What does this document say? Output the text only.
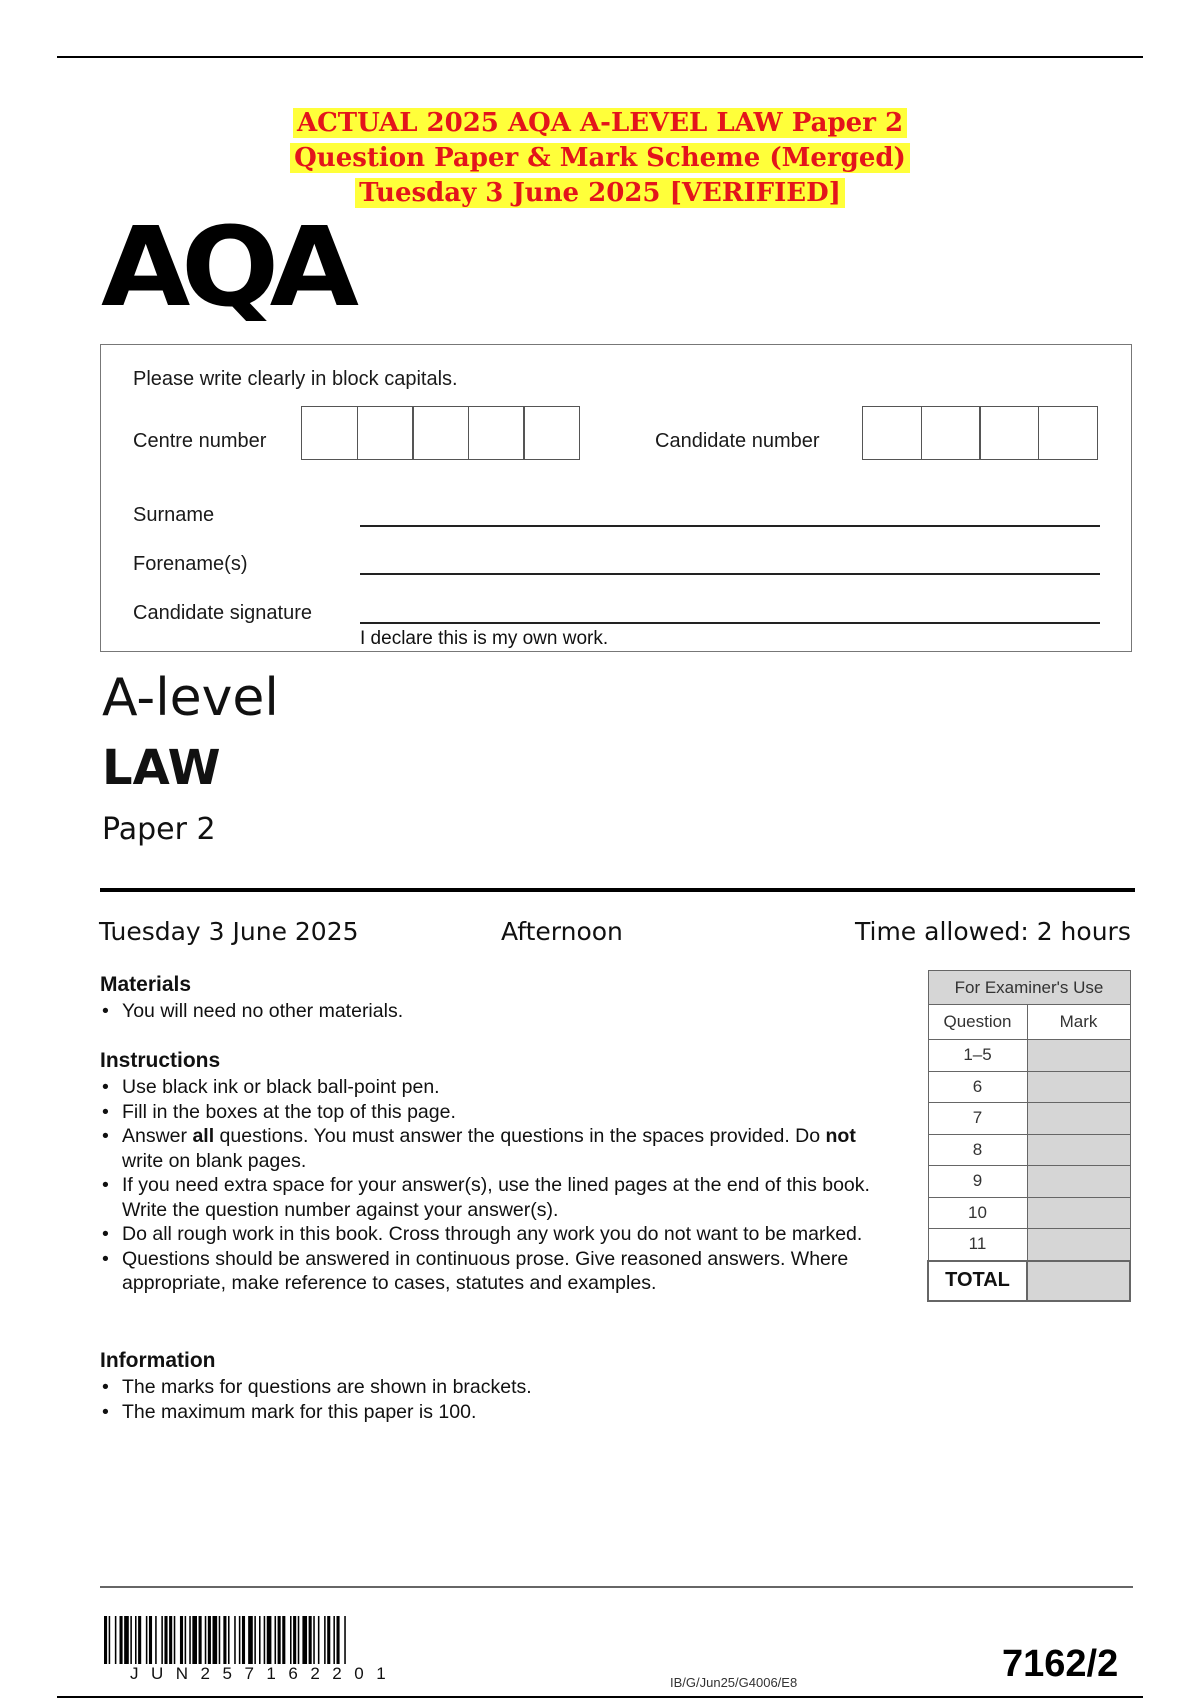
ACTUAL 2025 AQA A-LEVEL LAW Paper 2
Question Paper & Mark Scheme (Merged)
Tuesday 3 June 2025 [VERIFIED]
AQA
Please write clearly in block capitals.
Centre number	Candidate number
Surname
Forename(s)
Candidate signature
I declare this is my own work.
A-level
LAW
Paper 2
Tuesday 3 June 2025	Afternoon	Time allowed: 2 hours
Materials
• You will need no other materials.
Instructions
• Use black ink or black ball-point pen.
• Fill in the boxes at the top of this page.
• Answer all questions. You must answer the questions in the spaces provided. Do not write on blank pages.
• If you need extra space for your answer(s), use the lined pages at the end of this book. Write the question number against your answer(s).
• Do all rough work in this book. Cross through any work you do not want to be marked.
• Questions should be answered in continuous prose. Give reasoned answers. Where appropriate, make reference to cases, statutes and examples.
Information
• The marks for questions are shown in brackets.
• The maximum mark for this paper is 100.
For Examiner's Use	
Question	Mark
1–5	
6	
7	
8	
9	
10	
11	
TOTAL	
JUN257162201	IB/G/Jun25/G4006/E8	7162/2
